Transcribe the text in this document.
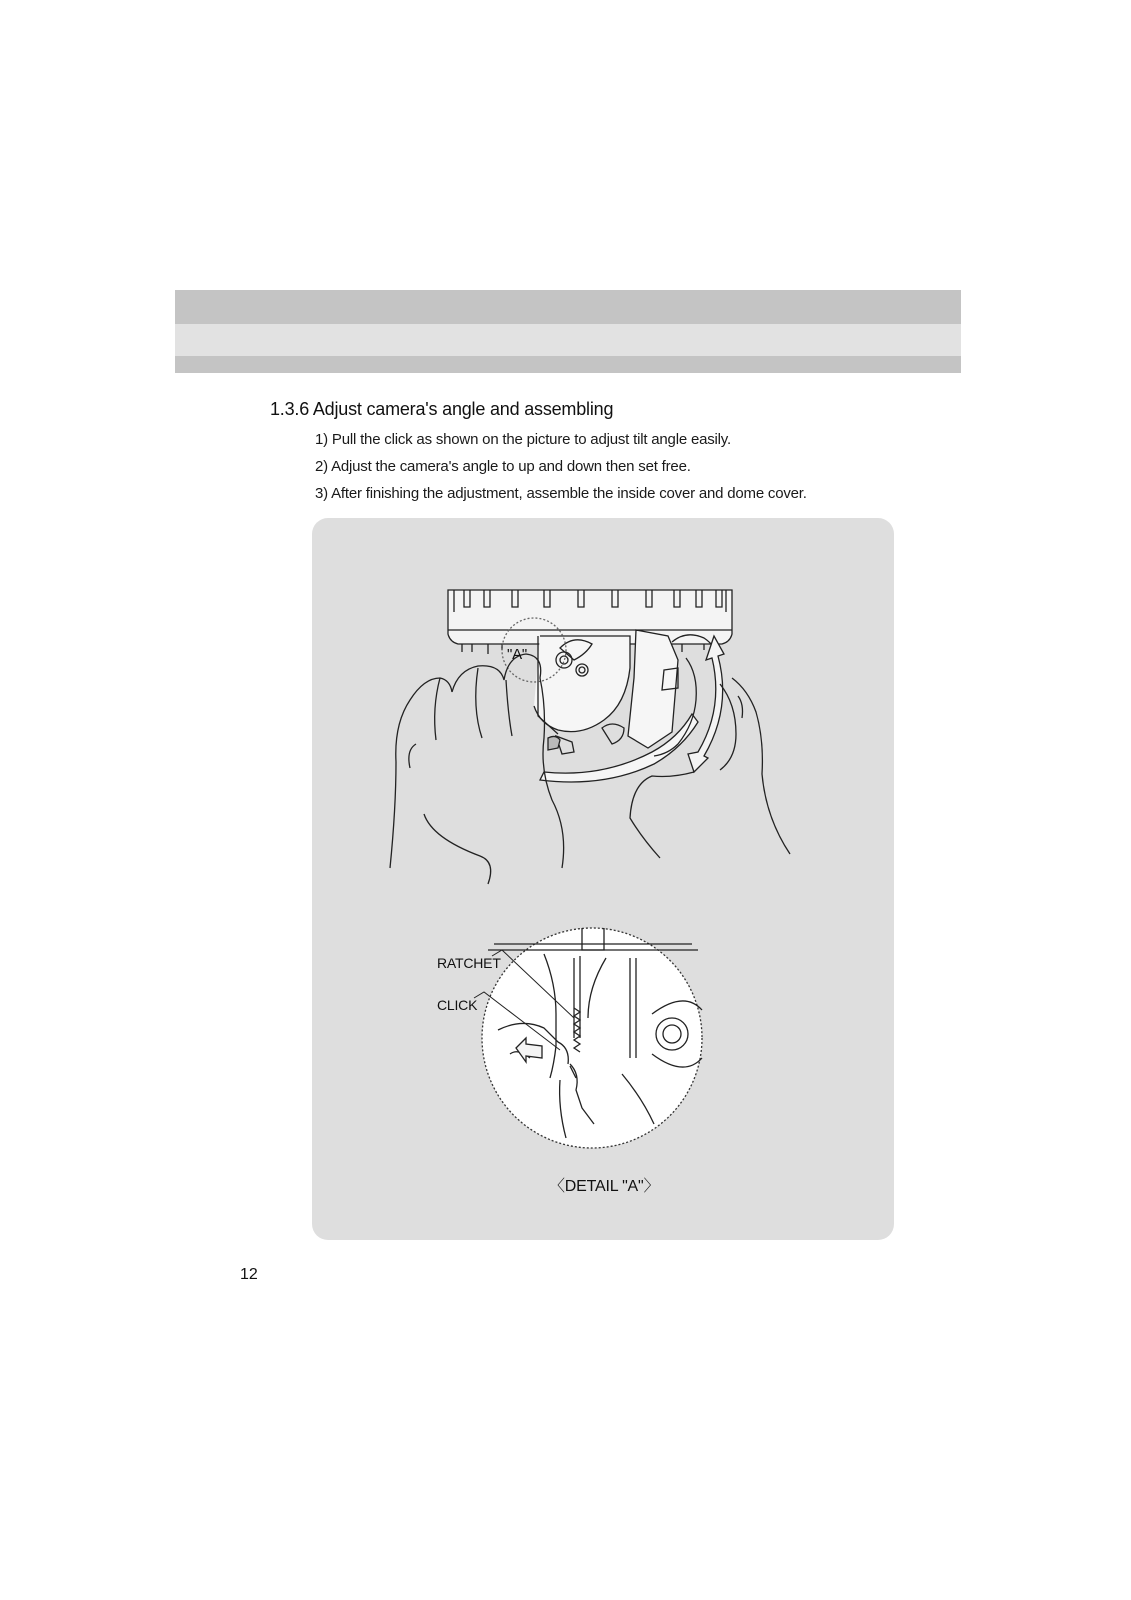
1.3.6 Adjust camera's angle and assembling
1) Pull the click as shown on the picture to adjust tilt angle easily.
2) Adjust the camera's angle to up and down then set free.
3) After finishing the adjustment, assemble the inside cover and dome cover.
"A"
RATCHET
CLICK
〈DETAIL "A"〉
12
